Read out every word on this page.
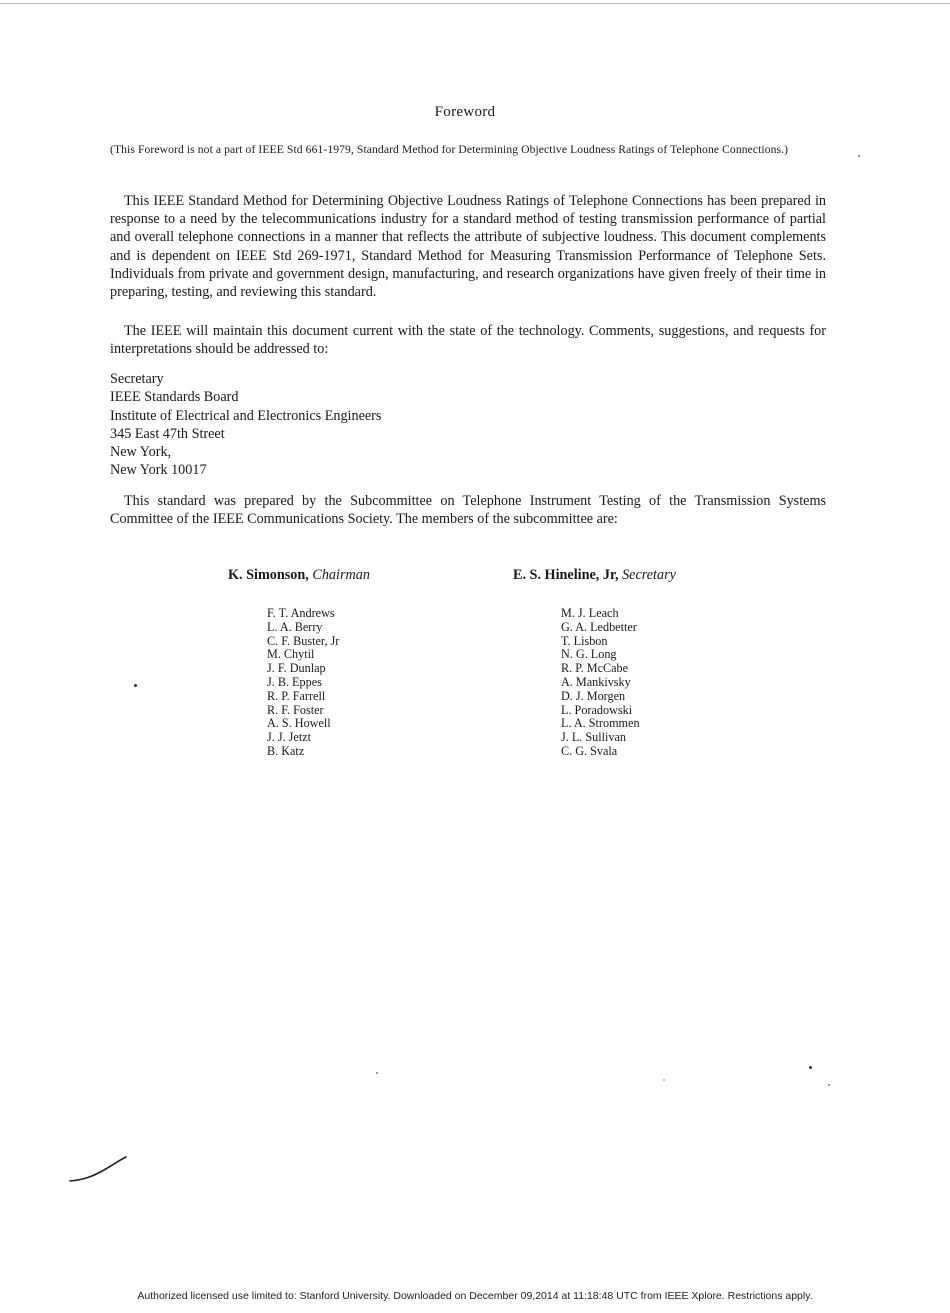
Foreword
(This Foreword is not a part of IEEE Std 661-1979, Standard Method for Determining Objective Loudness Ratings of Telephone Connections.)

This IEEE Standard Method for Determining Objective Loudness Ratings of Telephone Connections has been prepared in response to a need by the telecommunications industry for a standard method of testing transmission performance of partial and overall telephone connections in a manner that reflects the attribute of subjective loudness. This document complements and is dependent on IEEE Std 269-1971, Standard Method for Measuring Transmission Performance of Telephone Sets. Individuals from private and government design, manufacturing, and research organizations have given freely of their time in preparing, testing, and reviewing this standard.

The IEEE will maintain this document current with the state of the technology. Comments, suggestions, and requests for interpretations should be addressed to:

Secretary
IEEE Standards Board
Institute of Electrical and Electronics Engineers
345 East 47th Street
New York,
New York 10017

This standard was prepared by the Subcommittee on Telephone Instrument Testing of the Transmission Systems Committee of the IEEE Communications Society. The members of the subcommittee are:

K. Simonson, Chairman	E. S. Hineline, Jr, Secretary
F. T. Andrews
L. A. Berry
C. F. Buster, Jr
M. Chytil
J. F. Dunlap
J. B. Eppes
R. P. Farrell
R. F. Foster
A. S. Howell
J. J. Jetzt
B. Katz
M. J. Leach
G. A. Ledbetter
T. Lisbon
N. G. Long
R. P. McCabe
A. Mankivsky
D. J. Morgen
L. Poradowski
L. A. Strommen
J. L. Sullivan
C. G. Svala
Authorized licensed use limited to: Stanford University. Downloaded on December 09,2014 at 11:18:48 UTC from IEEE Xplore. Restrictions apply.
